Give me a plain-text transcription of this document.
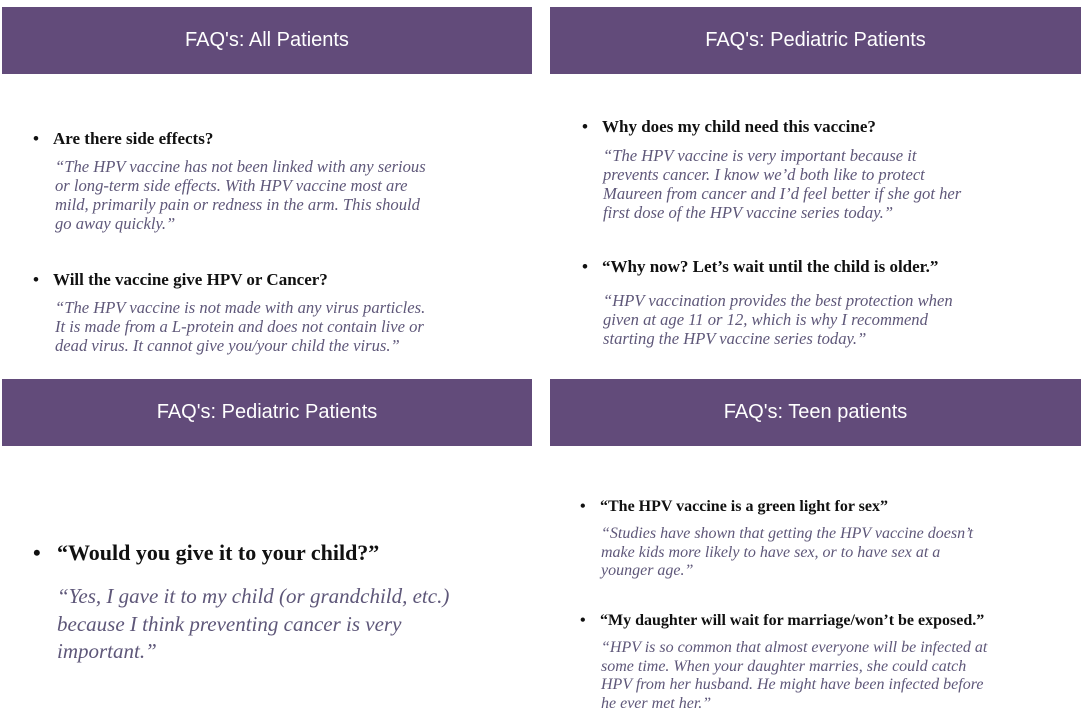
FAQ's: All Patients
• Are there side effects?
“The HPV vaccine has not been linked with any serious
or long-term side effects. With HPV vaccine most are
mild, primarily pain or redness in the arm. This should
go away quickly.”
• Will the vaccine give HPV or Cancer?
“The HPV vaccine is not made with any virus particles.
It is made from a L-protein and does not contain live or
dead virus. It cannot give you/your child the virus.”
FAQ's: Pediatric Patients
• Why does my child need this vaccine?
“The HPV vaccine is very important because it
prevents cancer. I know we’d both like to protect
Maureen from cancer and I’d feel better if she got her
first dose of the HPV vaccine series today.”
• “Why now? Let’s wait until the child is older.”
“HPV vaccination provides the best protection when
given at age 11 or 12, which is why I recommend
starting the HPV vaccine series today.”
FAQ's: Pediatric Patients
• “Would you give it to your child?”
“Yes, I gave it to my child (or grandchild, etc.)
because I think preventing cancer is very
important.”
FAQ's: Teen patients
• “The HPV vaccine is a green light for sex”
“Studies have shown that getting the HPV vaccine doesn’t
make kids more likely to have sex, or to have sex at a
younger age.”
• “My daughter will wait for marriage/won’t be exposed.”
“HPV is so common that almost everyone will be infected at
some time. When your daughter marries, she could catch
HPV from her husband. He might have been infected before
he ever met her.”
